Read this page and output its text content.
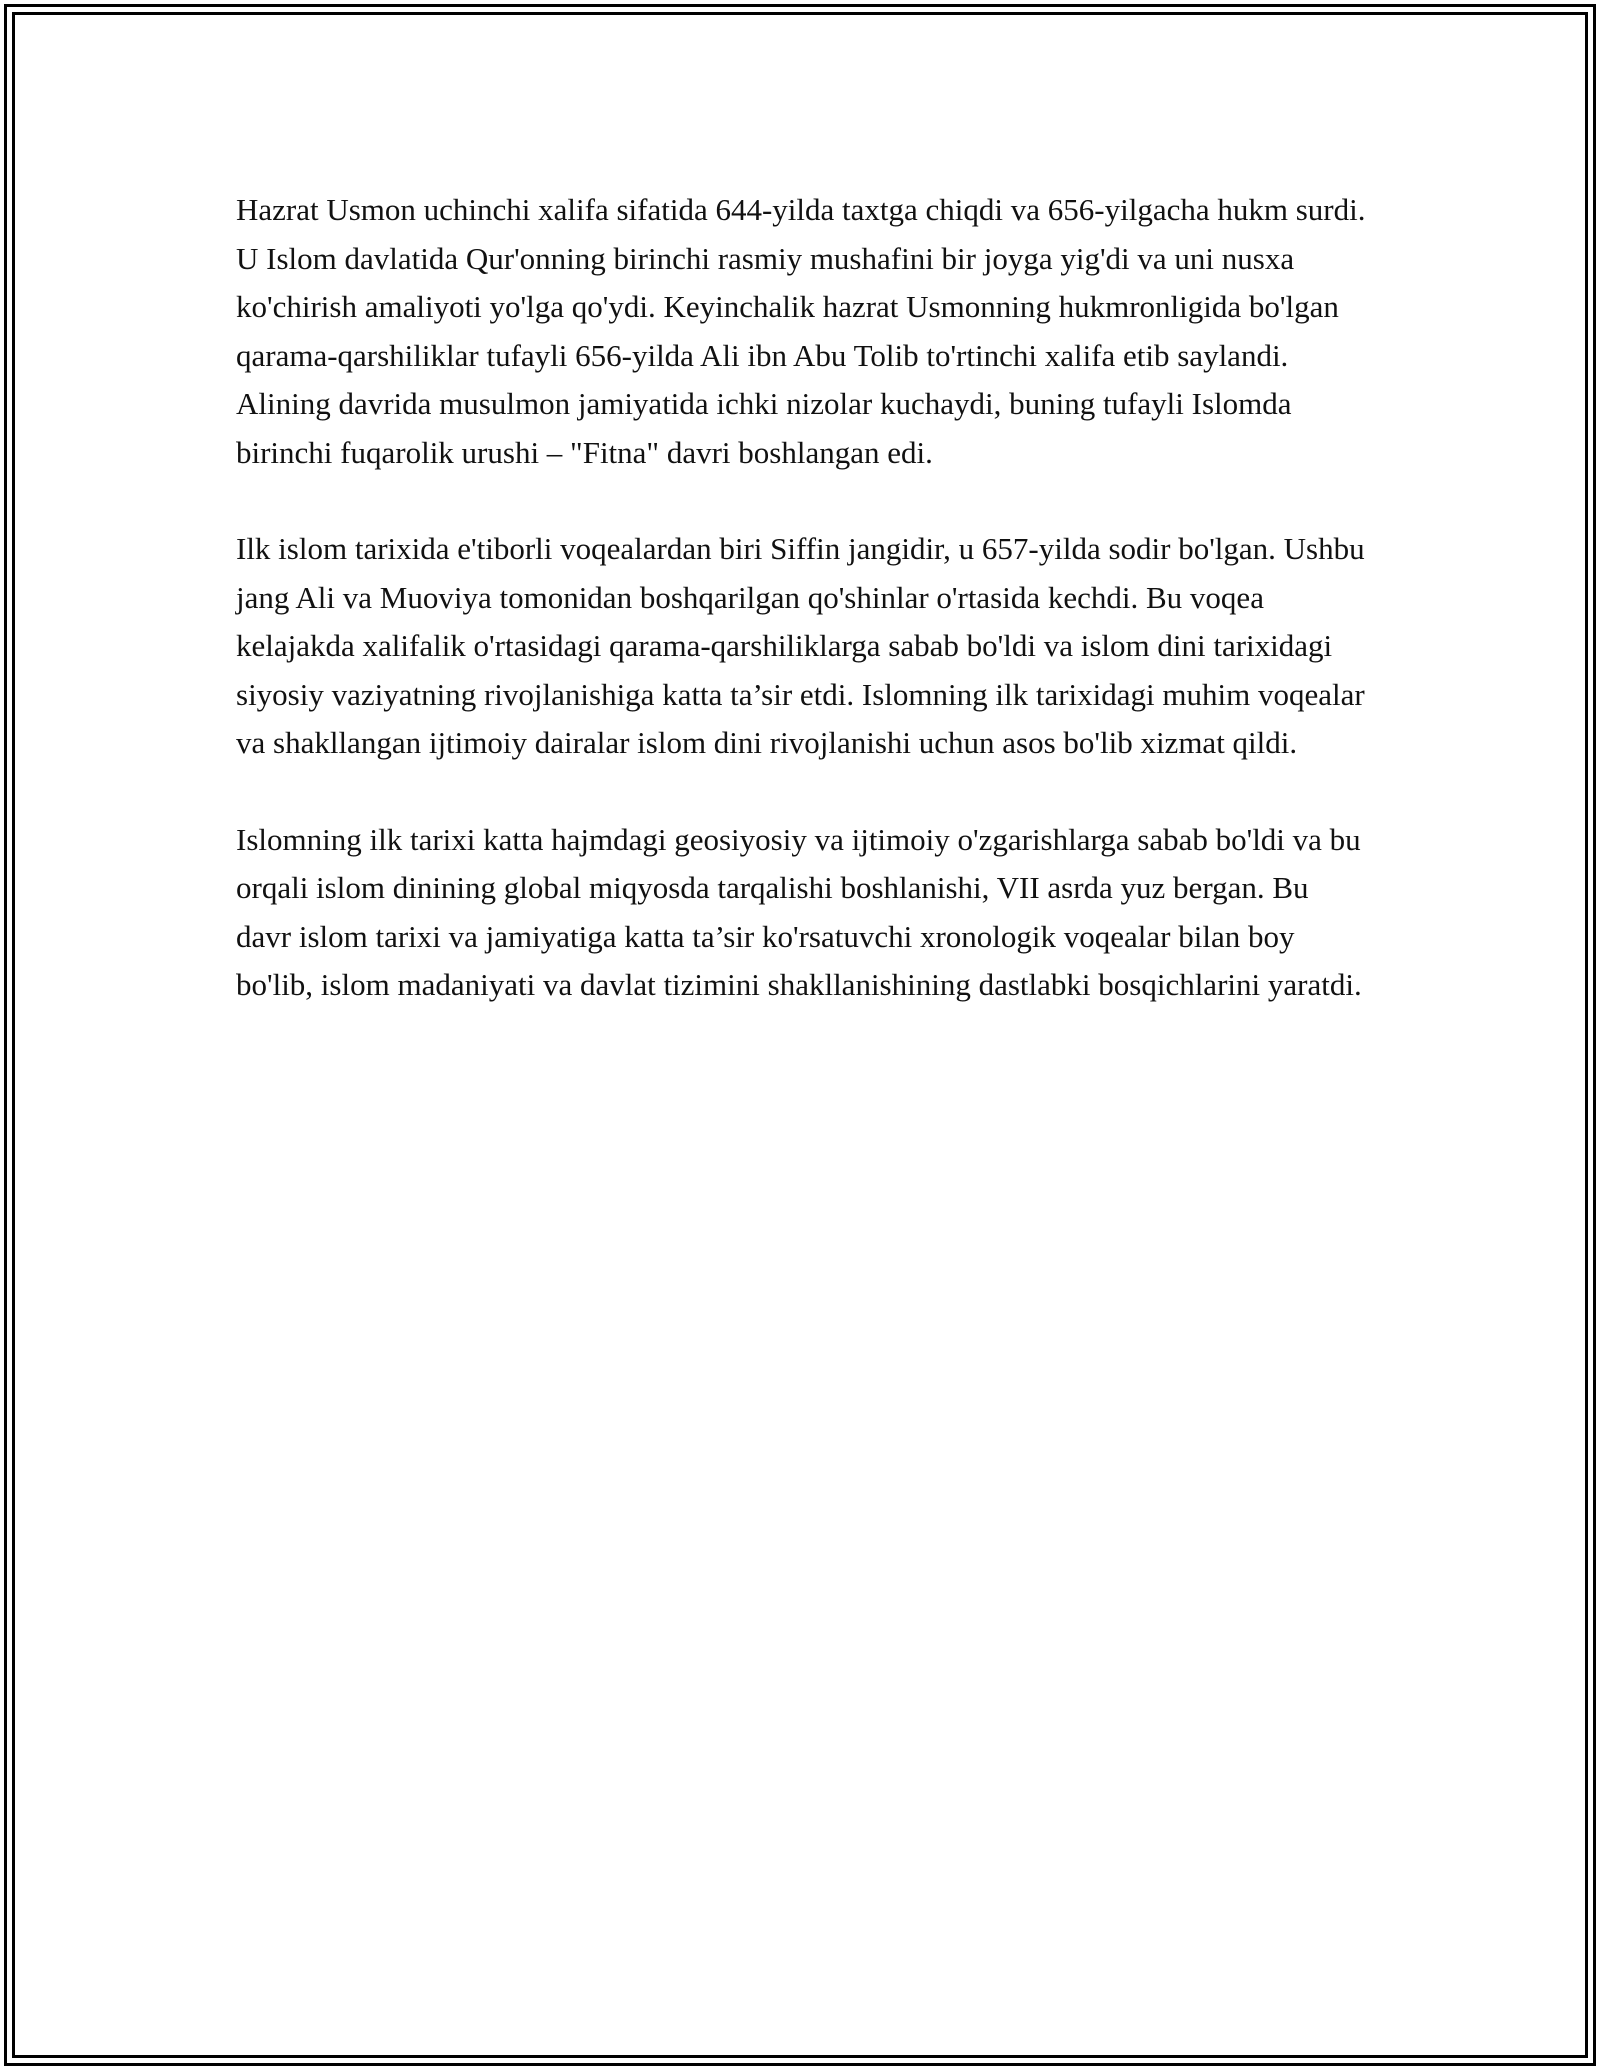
Hazrat Usmon uchinchi xalifa sifatida 644-yilda taxtga chiqdi va 656-yilgacha hukm surdi. U Islom davlatida Qur'onning birinchi rasmiy mushafini bir joyga yig'di va uni nusxa ko'chirish amaliyoti yo'lga qo'ydi. Keyinchalik hazrat Usmonning hukmronligida bo'lgan qarama-qarshiliklar tufayli 656-yilda Ali ibn Abu Tolib to'rtinchi xalifa etib saylandi. Alining davrida musulmon jamiyatida ichki nizolar kuchaydi, buning tufayli Islomda birinchi fuqarolik urushi – "Fitna" davri boshlangan edi.

Ilk islom tarixida e'tiborli voqealardan biri Siffin jangidir, u 657-yilda sodir bo'lgan. Ushbu jang Ali va Muoviya tomonidan boshqarilgan qo'shinlar o'rtasida kechdi. Bu voqea kelajakda xalifalik o'rtasidagi qarama-qarshiliklarga sabab bo'ldi va islom dini tarixidagi siyosiy vaziyatning rivojlanishiga katta ta’sir etdi. Islomning ilk tarixidagi muhim voqealar va shakllangan ijtimoiy dairalar islom dini rivojlanishi uchun asos bo'lib xizmat qildi.

Islomning ilk tarixi katta hajmdagi geosiyosiy va ijtimoiy o'zgarishlarga sabab bo'ldi va bu orqali islom dinining global miqyosda tarqalishi boshlanishi, VII asrda yuz bergan. Bu davr islom tarixi va jamiyatiga katta ta’sir ko'rsatuvchi xronologik voqealar bilan boy bo'lib, islom madaniyati va davlat tizimini shakllanishining dastlabki bosqichlarini yaratdi.
